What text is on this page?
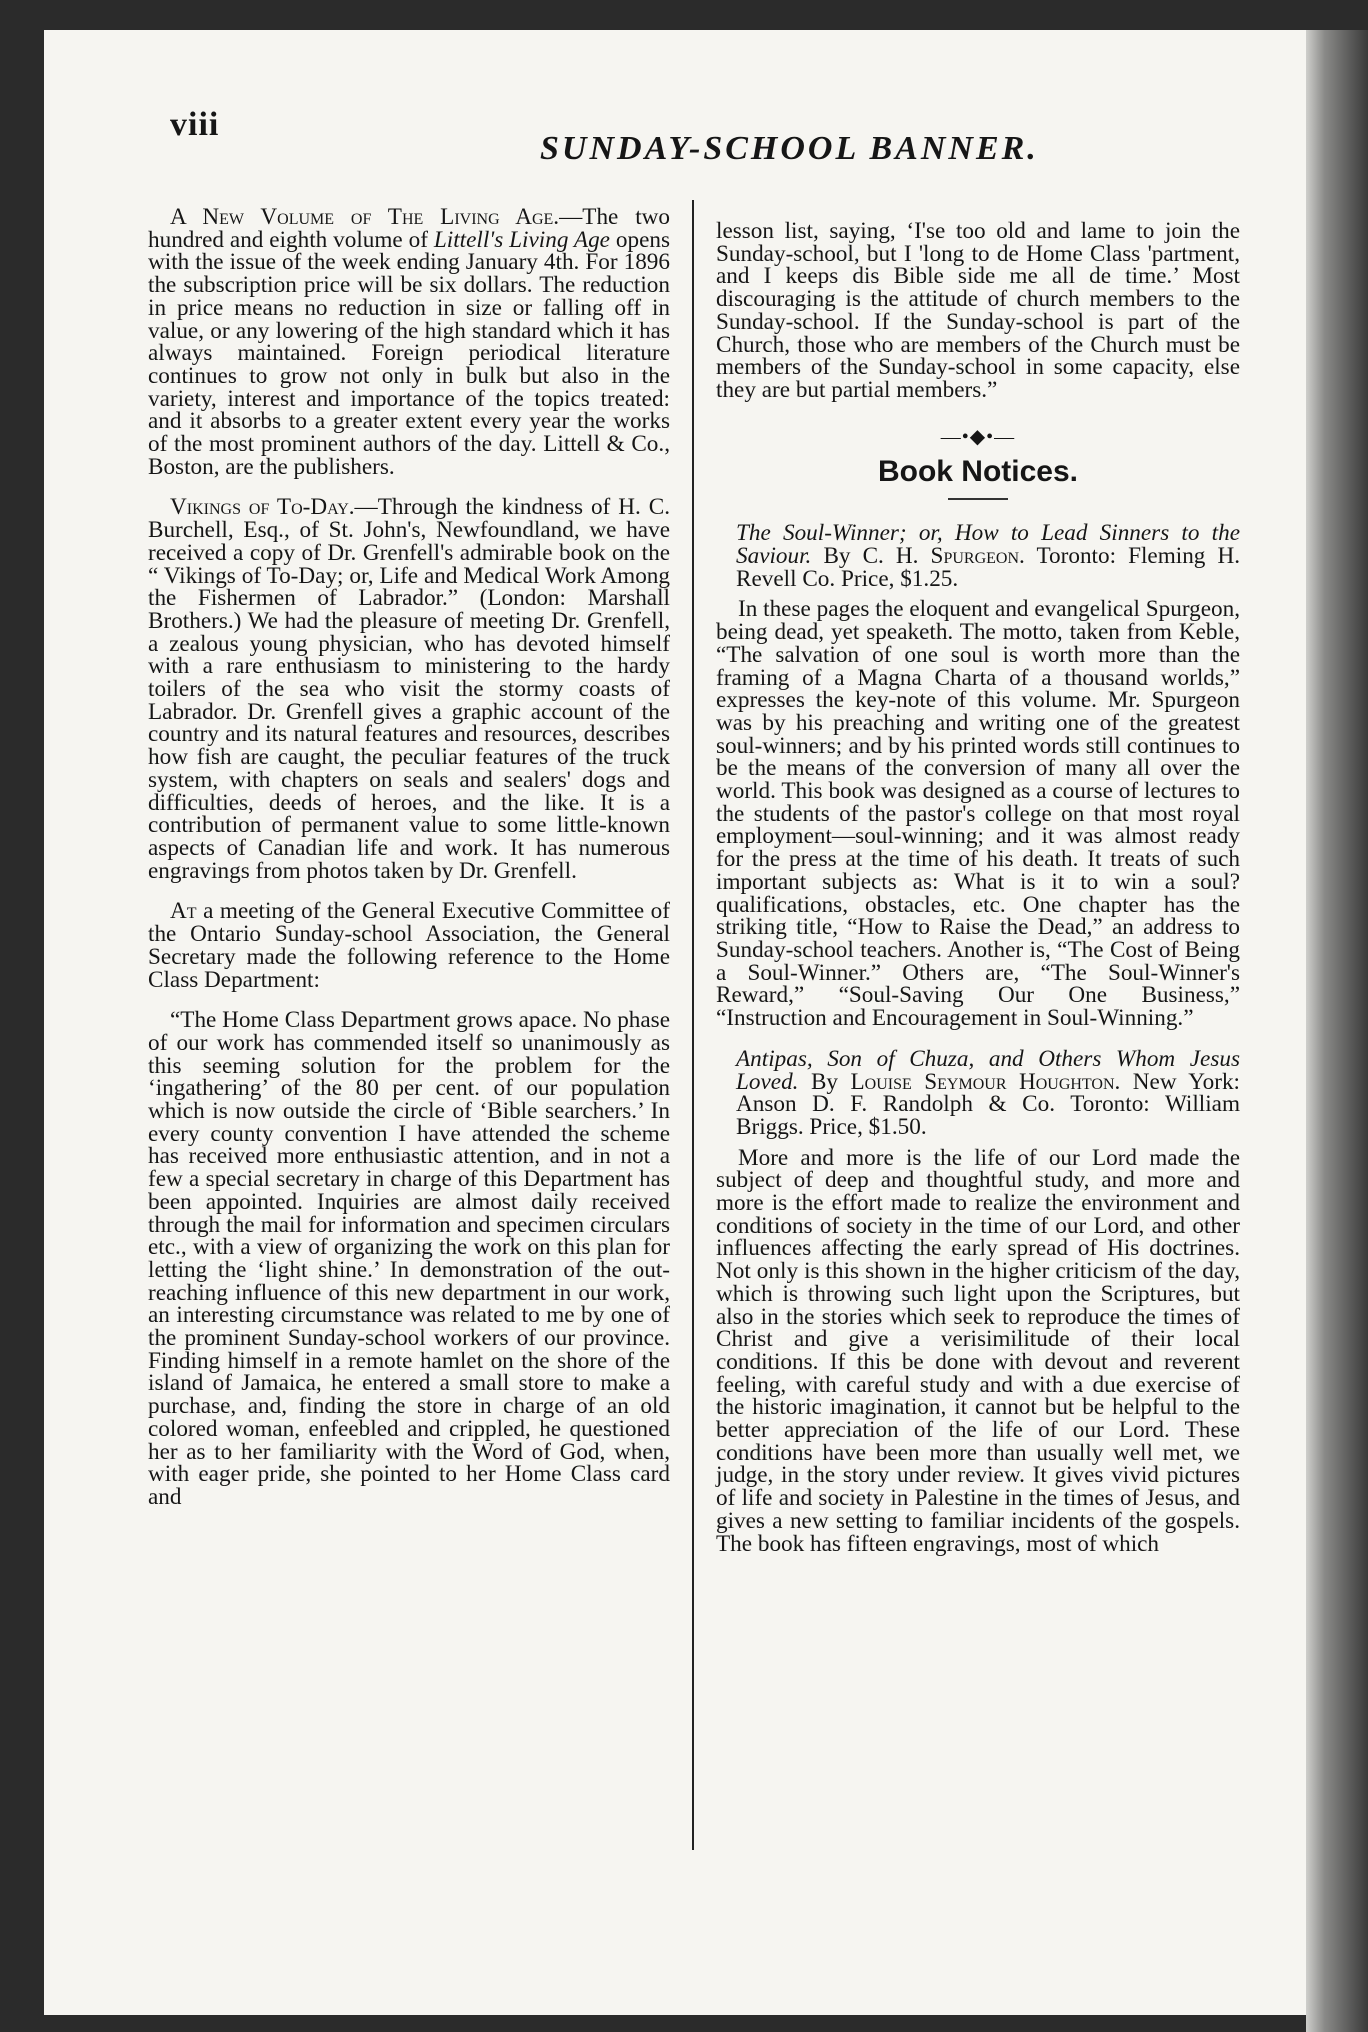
viii
SUNDAY-SCHOOL BANNER.

A New Volume of The Living Age.—The two hundred and eighth volume of Littell's Living Age opens with the issue of the week ending January 4th. For 1896 the subscription price will be six dollars. The reduction in price means no reduction in size or falling off in value, or any lowering of the high standard which it has always maintained. Foreign periodical literature continues to grow not only in bulk but also in the variety, interest and importance of the topics treated: and it absorbs to a greater extent every year the works of the most prominent authors of the day. Littell & Co., Boston, are the publishers.

Vikings of To-Day.—Through the kindness of H. C. Burchell, Esq., of St. John's, Newfoundland, we have received a copy of Dr. Grenfell's admirable book on the “ Vikings of To-Day; or, Life and Medical Work Among the Fishermen of Labrador.” (London: Marshall Brothers.) We had the pleasure of meeting Dr. Grenfell, a zealous young physician, who has devoted himself with a rare enthusiasm to ministering to the hardy toilers of the sea who visit the stormy coasts of Labrador. Dr. Grenfell gives a graphic account of the country and its natural features and resources, describes how fish are caught, the peculiar features of the truck system, with chapters on seals and sealers' dogs and difficulties, deeds of heroes, and the like. It is a contribution of permanent value to some little-known aspects of Canadian life and work. It has numerous engravings from photos taken by Dr. Grenfell.

At a meeting of the General Executive Committee of the Ontario Sunday-school Association, the General Secretary made the following reference to the Home Class Department:

“The Home Class Department grows apace. No phase of our work has commended itself so unanimously as this seeming solution for the problem for the ‘ingathering’ of the 80 per cent. of our population which is now outside the circle of ‘Bible searchers.’ In every county convention I have attended the scheme has received more enthusiastic attention, and in not a few a special secretary in charge of this Department has been appointed. Inquiries are almost daily received through the mail for information and specimen circulars etc., with a view of organizing the work on this plan for letting the ‘light shine.’ In demonstration of the out-reaching influence of this new department in our work, an interesting circumstance was related to me by one of the prominent Sunday-school workers of our province. Finding himself in a remote hamlet on the shore of the island of Jamaica, he entered a small store to make a purchase, and, finding the store in charge of an old colored woman, enfeebled and crippled, he questioned her as to her familiarity with the Word of God, when, with eager pride, she pointed to her Home Class card and

lesson list, saying, ‘I'se too old and lame to join the Sunday-school, but I 'long to de Home Class 'partment, and I keeps dis Bible side me all de time.’ Most discouraging is the attitude of church members to the Sunday-school. If the Sunday-school is part of the Church, those who are members of the Church must be members of the Sunday-school in some capacity, else they are but partial members.”

—•◆•—
Book Notices.

The Soul-Winner; or, How to Lead Sinners to the Saviour. By C. H. Spurgeon. Toronto: Fleming H. Revell Co. Price, $1.25.

In these pages the eloquent and evangelical Spurgeon, being dead, yet speaketh. The motto, taken from Keble, “The salvation of one soul is worth more than the framing of a Magna Charta of a thousand worlds,” expresses the key-note of this volume. Mr. Spurgeon was by his preaching and writing one of the greatest soul-winners; and by his printed words still continues to be the means of the conversion of many all over the world. This book was designed as a course of lectures to the students of the pastor's college on that most royal employment—soul-winning; and it was almost ready for the press at the time of his death. It treats of such important subjects as: What is it to win a soul? qualifications, obstacles, etc. One chapter has the striking title, “How to Raise the Dead,” an address to Sunday-school teachers. Another is, “The Cost of Being a Soul-Winner.” Others are, “The Soul-Winner's Reward,” “Soul-Saving Our One Business,” “Instruction and Encouragement in Soul-Winning.”

Antipas, Son of Chuza, and Others Whom Jesus Loved. By Louise Seymour Houghton. New York: Anson D. F. Randolph & Co. Toronto: William Briggs. Price, $1.50.

More and more is the life of our Lord made the subject of deep and thoughtful study, and more and more is the effort made to realize the environment and conditions of society in the time of our Lord, and other influences affecting the early spread of His doctrines. Not only is this shown in the higher criticism of the day, which is throwing such light upon the Scriptures, but also in the stories which seek to reproduce the times of Christ and give a verisimilitude of their local conditions. If this be done with devout and reverent feeling, with careful study and with a due exercise of the historic imagination, it cannot but be helpful to the better appreciation of the life of our Lord. These conditions have been more than usually well met, we judge, in the story under review. It gives vivid pictures of life and society in Palestine in the times of Jesus, and gives a new setting to familiar incidents of the gospels. The book has fifteen engravings, most of which
